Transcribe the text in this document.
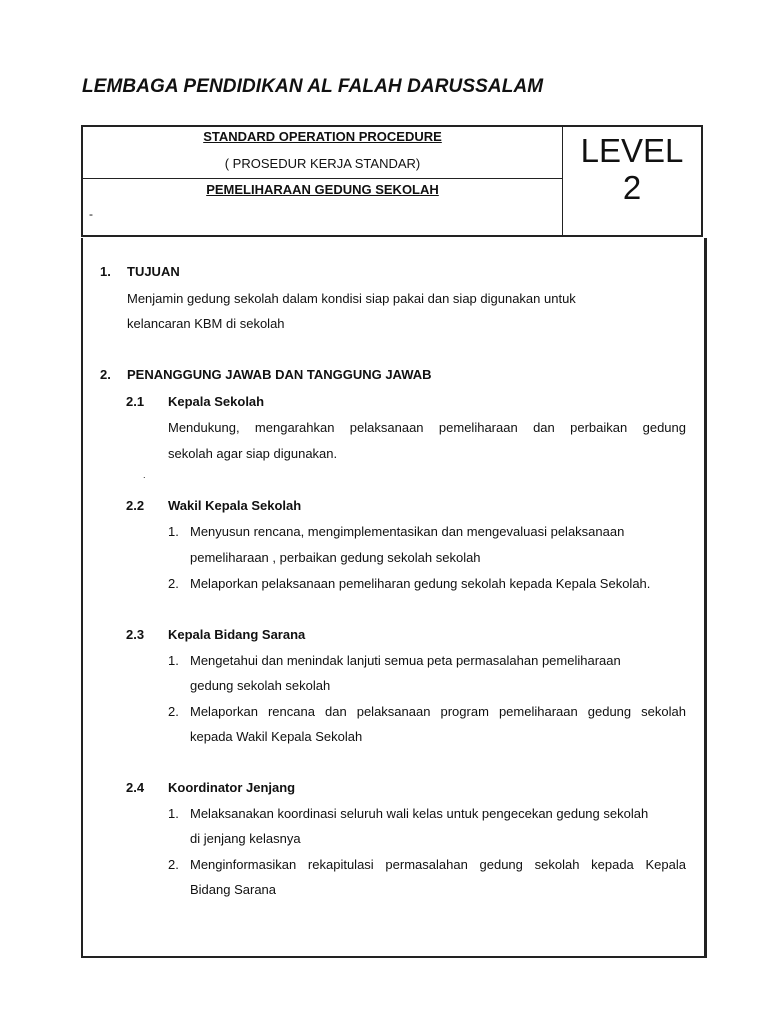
LEMBAGA PENDIDIKAN AL FALAH DARUSSALAM
STANDARD OPERATION PROCEDURE
( PROSEDUR KERJA STANDAR)
PEMELIHARAAN GEDUNG SEKOLAH
-
LEVEL
2
1. TUJUAN
Menjamin gedung sekolah dalam kondisi siap pakai dan siap digunakan untuk
kelancaran KBM di sekolah
2. PENANGGUNG JAWAB DAN TANGGUNG JAWAB
2.1 Kepala Sekolah
Mendukung, mengarahkan pelaksanaan pemeliharaan dan perbaikan gedung
sekolah agar siap digunakan.
.
2.2 Wakil Kepala Sekolah
1. Menyusun rencana, mengimplementasikan dan mengevaluasi pelaksanaan
pemeliharaan , perbaikan gedung sekolah sekolah
2. Melaporkan pelaksanaan pemeliharan gedung sekolah kepada Kepala Sekolah.
2.3 Kepala Bidang Sarana
1. Mengetahui dan menindak lanjuti semua peta permasalahan pemeliharaan
gedung sekolah sekolah
2. Melaporkan rencana dan pelaksanaan program pemeliharaan gedung sekolah
kepada Wakil Kepala Sekolah
2.4 Koordinator Jenjang
1. Melaksanakan koordinasi seluruh wali kelas untuk pengecekan gedung sekolah
di jenjang kelasnya
2. Menginformasikan rekapitulasi permasalahan gedung sekolah kepada Kepala
Bidang Sarana
